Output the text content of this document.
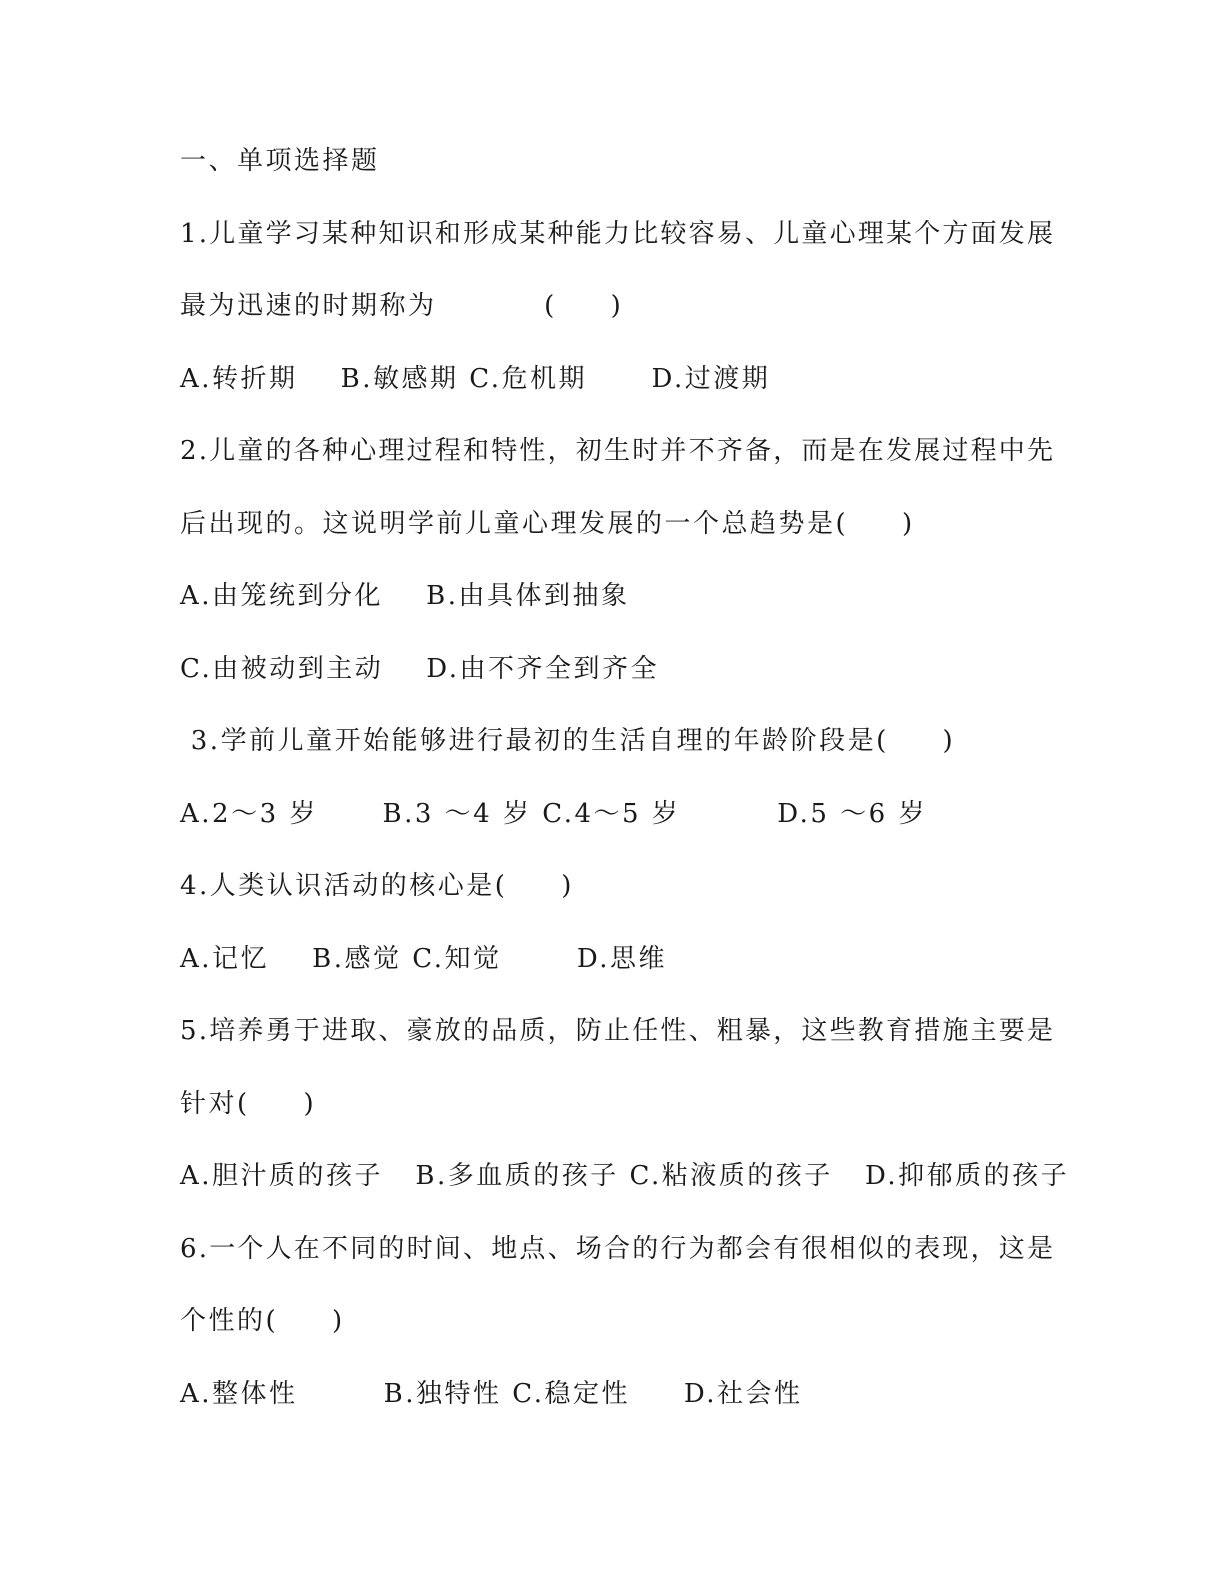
一、单项选择题
1.儿童学习某种知识和形成某种能力比较容易、儿童心理某个方面发展
最为迅速的时期称为          (     )
A.转折期    B.敏感期 C.危机期      D.过渡期
2.儿童的各种心理过程和特性，初生时并不齐备，而是在发展过程中先
后出现的。这说明学前儿童心理发展的一个总趋势是(     )
A.由笼统到分化    B.由具体到抽象
C.由被动到主动    D.由不齐全到齐全
3.学前儿童开始能够进行最初的生活自理的年龄阶段是(     )
A.2～3 岁      B.3 ～4 岁 C.4～5 岁         D.5 ～6 岁
4.人类认识活动的核心是(     )
A.记忆    B.感觉 C.知觉       D.思维
5.培养勇于进取、豪放的品质，防止任性、粗暴，这些教育措施主要是
针对(     )
A.胆汁质的孩子   B.多血质的孩子 C.粘液质的孩子   D.抑郁质的孩子
6.一个人在不同的时间、地点、场合的行为都会有很相似的表现，这是
个性的(     )
A.整体性        B.独特性 C.稳定性     D.社会性
